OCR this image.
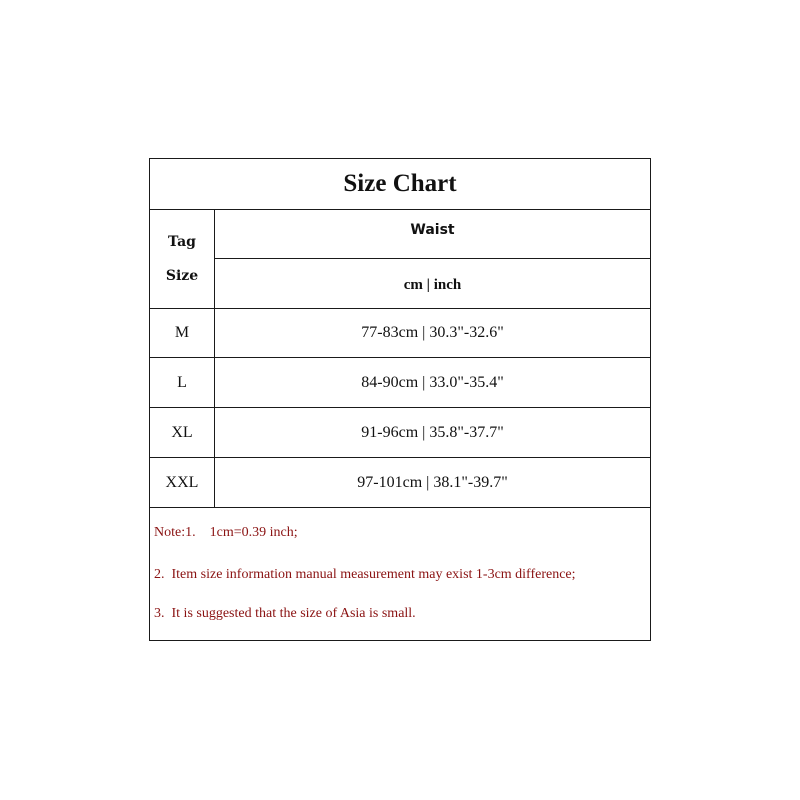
Size Chart
Tag
Size
Waist
cm | inch
M	77-83cm | 30.3"-32.6"
L	84-90cm | 33.0"-35.4"
XL	91-96cm | 35.8"-37.7"
XXL	97-101cm | 38.1"-39.7"
Note:1.    1cm=0.39 inch;
2.  Item size information manual measurement may exist 1-3cm difference;
3.  It is suggested that the size of Asia is small.
